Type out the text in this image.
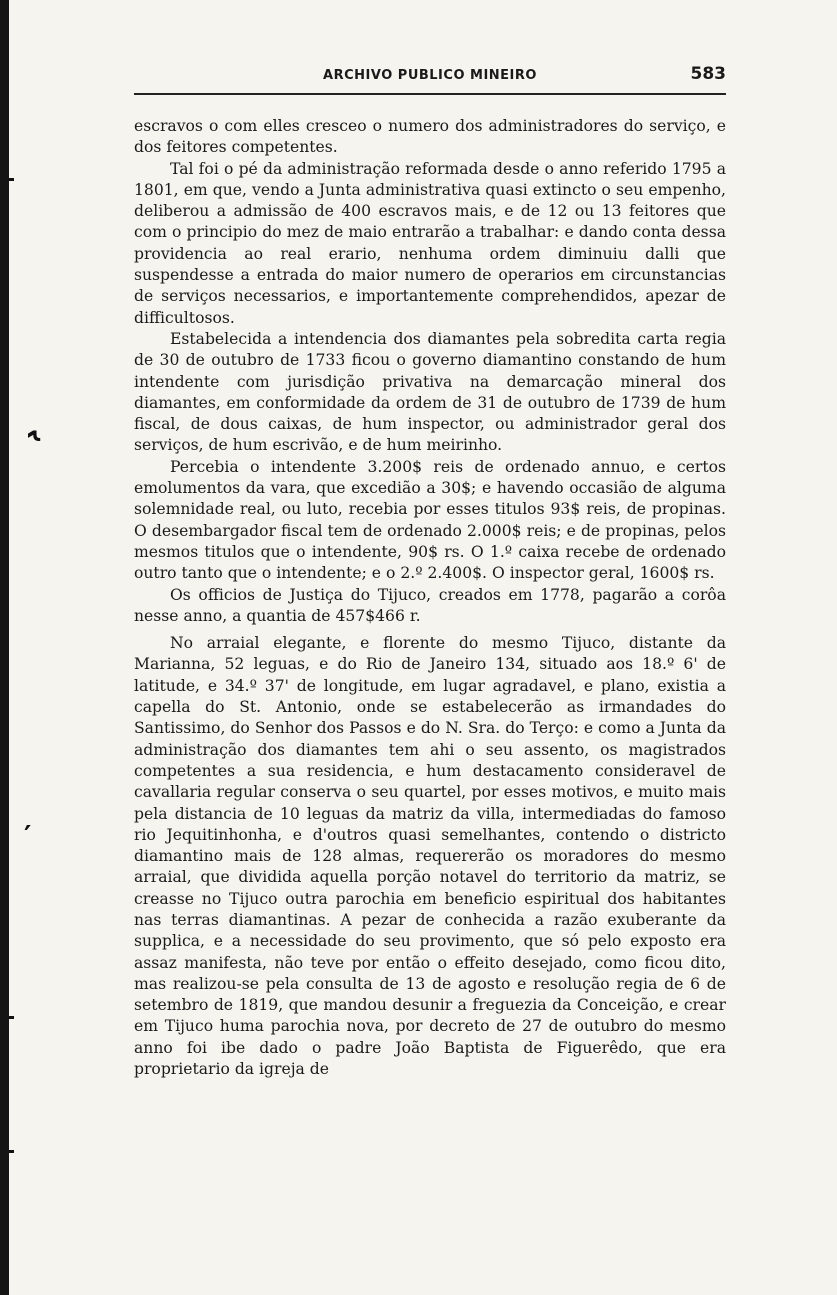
˞
′
ARCHIVO PUBLICO MINEIRO	583

escravos o com elles cresceo o numero dos administradores do serviço, e dos feitores competentes.

Tal foi o pé da administração reformada desde o anno referido 1795 a 1801, em que, vendo a Junta administrativa quasi extincto o seu empenho, deliberou a admissão de 400 escravos mais, e de 12 ou 13 feitores que com o principio do mez de maio entrarão a trabalhar: e dando conta dessa providencia ao real erario, nenhuma ordem diminuiu dalli que suspendesse a entrada do maior numero de operarios em circunstancias de serviços necessarios, e importantemente comprehendidos, apezar de difficultosos.

Estabelecida a intendencia dos diamantes pela sobredita carta regia de 30 de outubro de 1733 ficou o governo diamantino constando de hum intendente com jurisdição privativa na demarcação mineral dos diamantes, em conformidade da ordem de 31 de outubro de 1739 de hum fiscal, de dous caixas, de hum inspector, ou administrador geral dos serviços, de hum escrivão, e de hum meirinho.

Percebia o intendente 3.200$ reis de ordenado annuo, e certos emolumentos da vara, que excedião a 30$; e havendo occasião de alguma solemnidade real, ou luto, recebia por esses titulos 93$ reis, de propinas. O desembargador fiscal tem de ordenado 2.000$ reis; e de propinas, pelos mesmos titulos que o intendente, 90$ rs. O 1.º caixa recebe de ordenado outro tanto que o intendente; e o 2.º 2.400$. O inspector geral, 1600$ rs.

Os officios de Justiça do Tijuco, creados em 1778, pagarão a corôa nesse anno, a quantia de 457$466 r.

No arraial elegante, e florente do mesmo Tijuco, distante da Marianna, 52 leguas, e do Rio de Janeiro 134, situado aos 18.º 6' de latitude, e 34.º 37' de longitude, em lugar agradavel, e plano, existia a capella do St. Antonio, onde se estabelecerão as irmandades do Santissimo, do Senhor dos Passos e do N. Sra. do Terço: e como a Junta da administração dos diamantes tem ahi o seu assento, os magistrados competentes a sua residencia, e hum destacamento consideravel de cavallaria regular conserva o seu quartel, por esses motivos, e muito mais pela distancia de 10 leguas da matriz da villa, intermediadas do famoso rio Jequitinhonha, e d'outros quasi semelhantes, contendo o districto diamantino mais de 128 almas, requererão os moradores do mesmo arraial, que dividida aquella porção notavel do territorio da matriz, se creasse no Tijuco outra parochia em beneficio espiritual dos habitantes nas terras diamantinas. A pezar de conhecida a razão exuberante da supplica, e a necessidade do seu provimento, que só pelo exposto era assaz manifesta, não teve por então o effeito desejado, como ficou dito, mas realizou-se pela consulta de 13 de agosto e resolução regia de 6 de setembro de 1819, que mandou desunir a freguezia da Conceição, e crear em Tijuco huma parochia nova, por decreto de 27 de outubro do mesmo anno foi ibe dado o padre João Baptista de Figuerêdo, que era proprietario da igreja de
